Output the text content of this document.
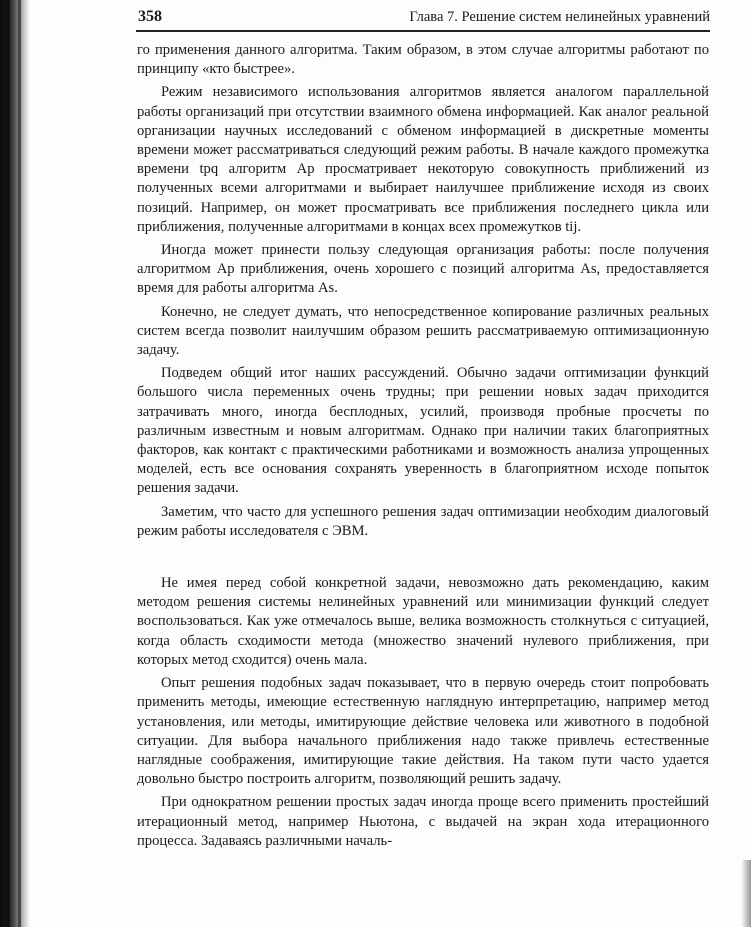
358	Глава 7. Решение систем нелинейных уравнений

го применения данного алгоритма. Таким образом, в этом случае алгоритмы работают по принципу «кто быстрее».

Режим независимого использования алгоритмов является аналогом параллельной работы организаций при отсутствии взаимного обмена информацией. Как аналог реальной организации научных исследований с обменом информацией в дискретные моменты времени может рассматриваться следующий режим работы. В начале каждого промежутка времени tpq алгоритм Ap просматривает некоторую совокупность приближений из полученных всеми алгоритмами и выбирает наилучшее приближение исходя из своих позиций. Например, он может просматривать все приближения последнего цикла или приближения, полученные алгоритмами в концах всех промежутков tij.

Иногда может принести пользу следующая организация работы: после получения алгоритмом Ap приближения, очень хорошего с позиций алгоритма As, предоставляется время для работы алгоритма As.

Конечно, не следует думать, что непосредственное копирование различных реальных систем всегда позволит наилучшим образом решить рассматриваемую оптимизационную задачу.

Подведем общий итог наших рассуждений. Обычно задачи оптимизации функций большого числа переменных очень трудны; при решении новых задач приходится затрачивать много, иногда бесплодных, усилий, производя пробные просчеты по различным известным и новым алгоритмам. Однако при наличии таких благоприятных факторов, как контакт с практическими работниками и возможность анализа упрощенных моделей, есть все основания сохранять уверенность в благоприятном исходе попыток решения задачи.

Заметим, что часто для успешного решения задач оптимизации необходим диалоговый режим работы исследователя с ЭВМ.

Не имея перед собой конкретной задачи, невозможно дать рекомендацию, каким методом решения системы нелинейных уравнений или минимизации функций следует воспользоваться. Как уже отмечалось выше, велика возможность столкнуться с ситуацией, когда область сходимости метода (множество значений нулевого приближения, при которых метод сходится) очень мала.

Опыт решения подобных задач показывает, что в первую очередь стоит попробовать применить методы, имеющие естественную наглядную интерпретацию, например метод установления, или методы, имитирующие действие человека или животного в подобной ситуации. Для выбора начального приближения надо также привлечь естественные наглядные соображения, имитирующие такие действия. На таком пути часто удается довольно быстро построить алгоритм, позволяющий решить задачу.

При однократном решении простых задач иногда проще всего применить простейший итерационный метод, например Ньютона, с выдачей на экран хода итерационного процесса. Задаваясь различными началь-
